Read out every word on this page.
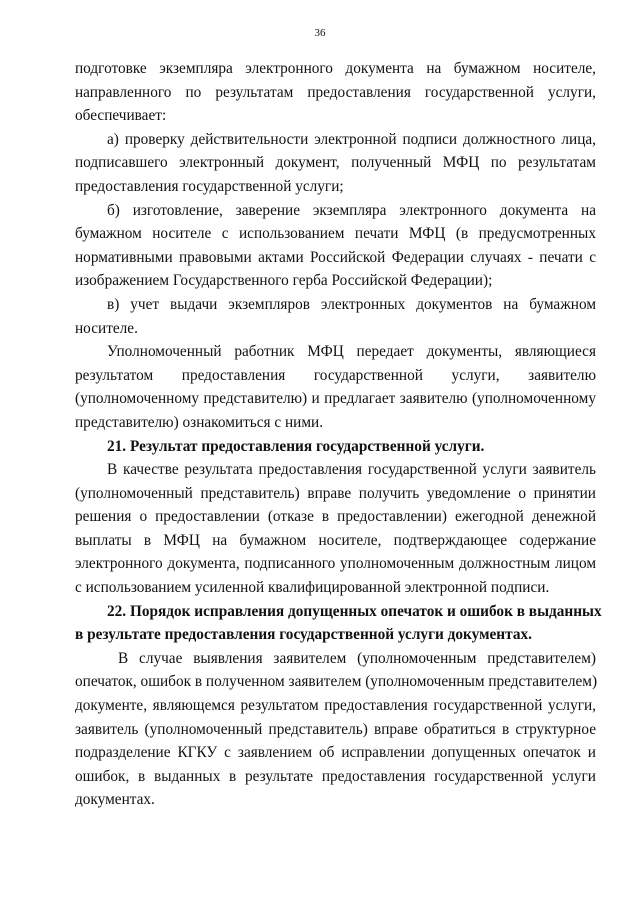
36
подготовке экземпляра электронного документа на бумажном носителе,
направленного по результатам предоставления государственной услуги,
обеспечивает:
а) проверку действительности электронной подписи должностного лица,
подписавшего электронный документ, полученный МФЦ по результатам
предоставления государственной услуги;
б) изготовление, заверение экземпляра электронного документа на
бумажном носителе с использованием печати МФЦ (в предусмотренных
нормативными правовыми актами Российской Федерации случаях - печати с
изображением Государственного герба Российской Федерации);
в) учет выдачи экземпляров электронных документов на бумажном
носителе.
Уполномоченный работник МФЦ передает документы, являющиеся
результатом предоставления государственной услуги, заявителю
(уполномоченному представителю) и предлагает заявителю (уполномоченному
представителю) ознакомиться с ними.
21. Результат предоставления государственной услуги.
В качестве результата предоставления государственной услуги заявитель
(уполномоченный представитель) вправе получить уведомление о принятии
решения о предоставлении (отказе в предоставлении) ежегодной денежной
выплаты в МФЦ на бумажном носителе, подтверждающее содержание
электронного документа, подписанного уполномоченным должностным лицом
с использованием усиленной квалифицированной электронной подписи.
22. Порядок исправления допущенных опечаток и ошибок в выданных
в результате предоставления государственной услуги документах.
В случае выявления заявителем (уполномоченным представителем)
опечаток, ошибок в полученном заявителем (уполномоченным представителем)
документе, являющемся результатом предоставления государственной услуги,
заявитель (уполномоченный представитель) вправе обратиться в структурное
подразделение КГКУ с заявлением об исправлении допущенных опечаток и
ошибок, в выданных в результате предоставления государственной услуги
документах.
